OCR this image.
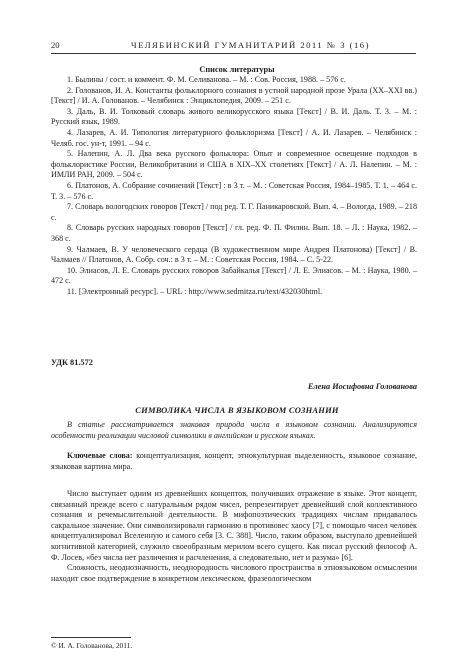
20	ЧЕЛЯБИНСКИЙ ГУМАНИТАРИЙ 2011 № 3 (16)
Список литературы

1. Былины / сост. и коммент. Ф. М. Селиванова. – М. : Сов. Россия, 1988. – 576 с.

2. Голованов, И. А. Константы фольклорного сознания в устной народной прозе Урала (XX–XXI вв.) [Текст] / И. А. Голованов. – Челябинск : Энциклопедия, 2009. – 251 с.

3. Даль, В. И. Толковый словарь живого великорусского языка [Текст] / В. И. Даль. Т. 3. – М. : Русский язык, 1989.

4. Лазарев, А. И. Типология литературного фольклоризма [Текст] / А. И. Лазарев. – Челябинск : Челяб. гос. ун-т, 1991. – 94 с.

5. Налепин, А. Л. Два века русского фольклора: Опыт и современное освещение подходов в фольклористике России, Великобритании и США в XIX–XX столетиях [Текст] / А. Л. Налепин. – М. : ИМЛИ РАН, 2009. – 504 с.

6. Платонов, А. Собрание сочинений [Текст] : в 3 т. – М. : Советская Россия, 1984–1985. Т. 1. – 464 с. Т. 3. – 576 с.

7. Словарь вологодских говоров [Текст] / под ред. Т. Г. Паникаровской. Вып. 4. – Вологда, 1989. – 218 с.

8. Словарь русских народных говоров [Текст] / гл. ред. Ф. П. Филин. Вып. 18. – Л. : Наука, 1982. – 368 с.

9. Чалмаев, В. У человеческого сердца (В художественном мире Андрея Платонова) [Текст] / В. Чалмаев // Платонов, А. Собр. соч.: в 3 т. – М. : Советская Россия, 1984. – С. 5-22.

10. Элиасов, Л. Е. Словарь русских говоров Забайкалья [Текст] / Л. Е. Элиасов. – М. : Наука, 1980. – 472 с.

11. [Электронный ресурс]. – URL : http://www.sedmitza.ru/text/432030html.

УДК 81.572
Елена Иосифовна Голованова
СИМВОЛИКА ЧИСЛА В ЯЗЫКОВОМ СОЗНАНИИ
В статье рассматривается знаковая природа числа в языковом сознании. Анализируются особенности реализации числовой символики в английском и русском языках.
Ключевые слова: концептуализация, концепт, этнокультурная выделенность, языковое сознание, языковая картина мира.

Число выступает одним из древнейших концептов, получивших отражение в языке. Этот концепт, связанный прежде всего с натуральным рядом чисел, репрезентирует древнейший слой коллективного сознания и речемыслительной деятельности. В мифопоэтических традициях числам придавалось сакральное значение. Они символизировали гармонию в противовес хаосу [7], с помощью чисел человек концептуализировал Вселенную и самого себя [3. С. 388]. Число, таким образом, выступало древнейшей когнитивной категорией, служило своеобразным мерилом всего сущего. Как писал русский философ А. Ф. Лосев, «без числа нет различения и расчленения, а следовательно, нет и разума» [6].

Сложность, неоднозначность, неоднородность числового пространства в этноязыковом осмыслении находит свое подтверждение в конкретном лексическом, фразеологическом

© И. А. Голованова, 2011.
